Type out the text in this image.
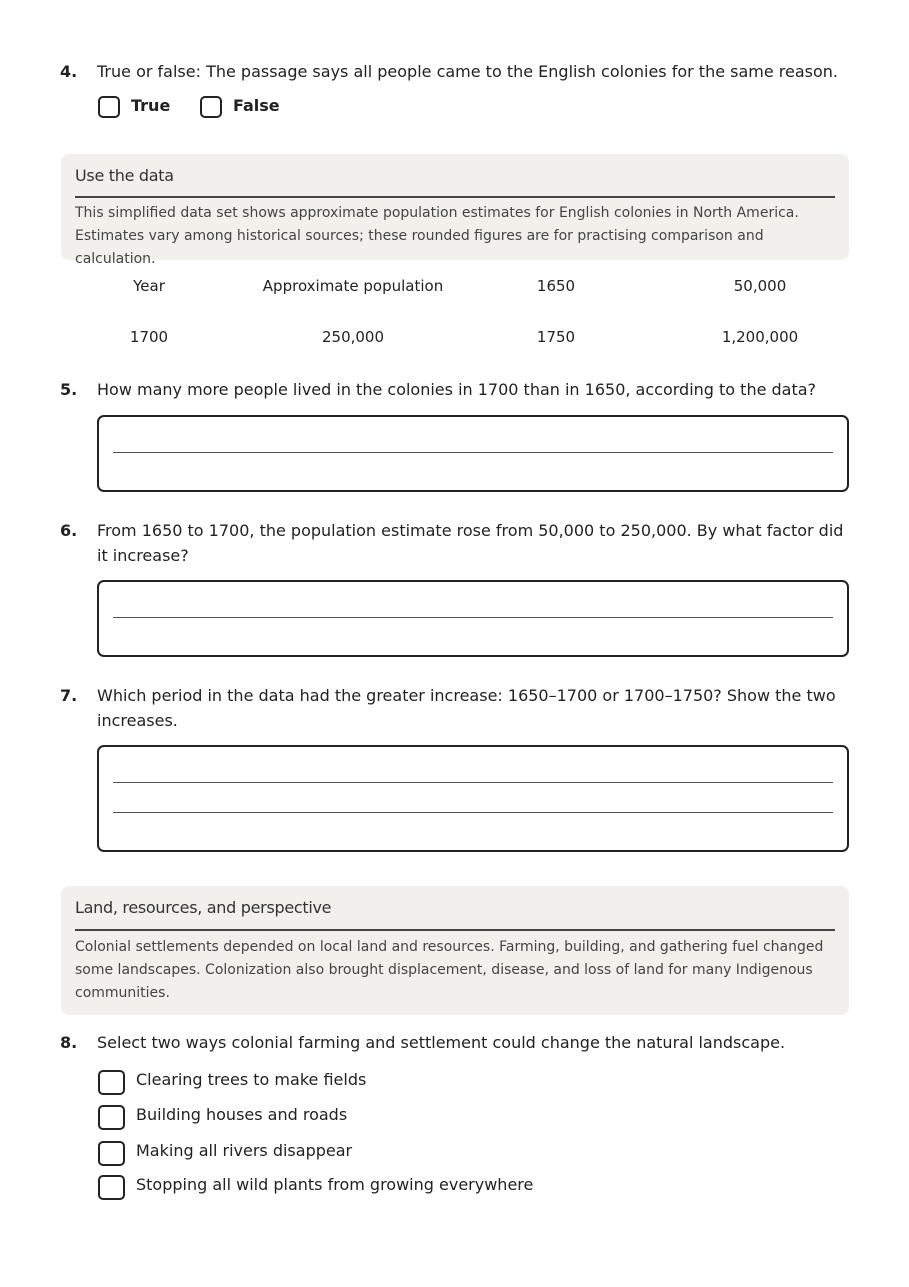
4. True or false: The passage says all people came to the English colonies for the same reason.
True	False
Use the data
This simplified data set shows approximate population estimates for English colonies in North America. Estimates vary among historical sources; these rounded figures are for practising comparison and calculation.
Year	Approximate population	1650	50,000
1700	250,000	1750	1,200,000
5. How many more people lived in the colonies in 1700 than in 1650, according to the data?
6. From 1650 to 1700, the population estimate rose from 50,000 to 250,000. By what factor did it increase?
7. Which period in the data had the greater increase: 1650–1700 or 1700–1750? Show the two increases.
Land, resources, and perspective
Colonial settlements depended on local land and resources. Farming, building, and gathering fuel changed some landscapes. Colonization also brought displacement, disease, and loss of land for many Indigenous communities.
8. Select two ways colonial farming and settlement could change the natural landscape.
Clearing trees to make fields
Building houses and roads
Making all rivers disappear
Stopping all wild plants from growing everywhere
